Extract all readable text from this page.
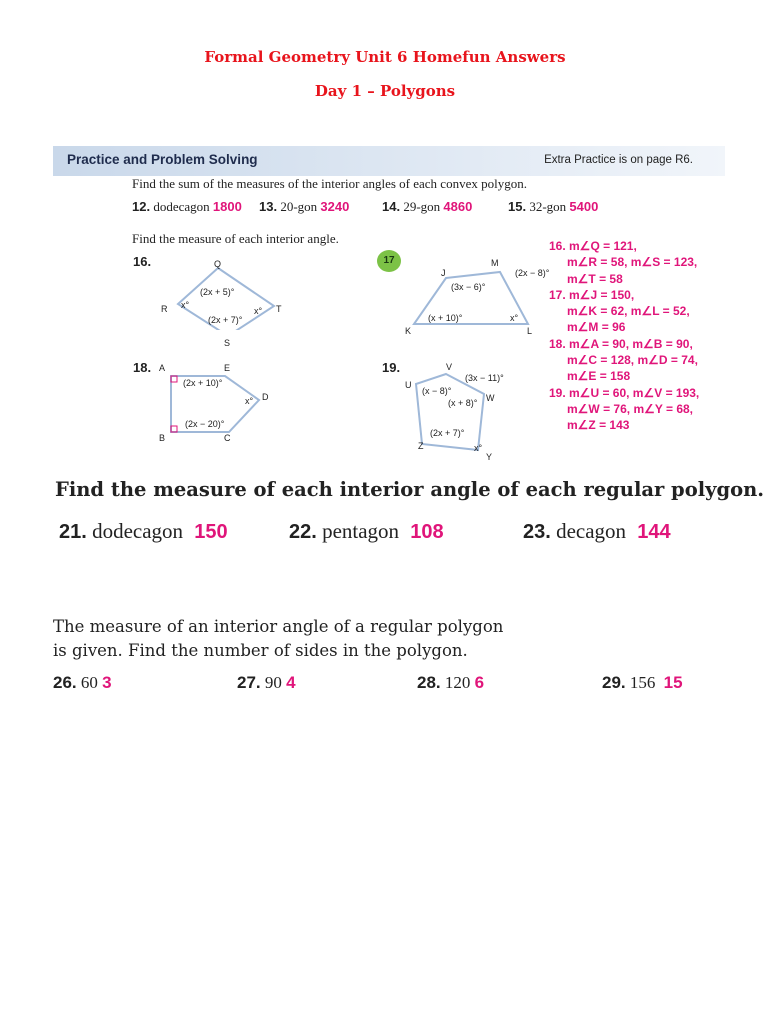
Formal Geometry Unit 6 Homefun Answers
Day 1 – Polygons
Practice and Problem Solving	Extra Practice is on page R6.
Find the sum of the measures of the interior angles of each convex polygon.
12. dodecagon 1800 13. 20-gon 3240	14. 29-gon 4860	15. 32-gon 5400
Find the measure of each interior angle.
16.	Q
R	T
S
x°
(2x + 5)°
(2x + 7)°
x°
17
J
M
K	L
(2x − 8)°
(3x − 6)°
(x + 10)°	x°
18. A	E
D
B	C
(2x + 10)°
x°
(2x − 20)°
19.	V
U
W
Z
Y
(3x − 11)°
(x − 8)°
(x + 8)°
(2x + 7)°
x°
16. m∠Q = 121,
m∠R = 58, m∠S = 123,
m∠T = 58
17. m∠J = 150,
m∠K = 62, m∠L = 52,
m∠M = 96
18. m∠A = 90, m∠B = 90,
m∠C = 128, m∠D = 74,
m∠E = 158
19. m∠U = 60, m∠V = 193,
m∠W = 76, m∠Y = 68,
m∠Z = 143
Find the measure of each interior angle of each regular polygon.
21. dodecagon 150	22. pentagon 108	23. decagon 144
The measure of an interior angle of a regular polygon
is given. Find the number of sides in the polygon.
26. 60 3	27. 90 4	28. 120 6	29. 156 15
